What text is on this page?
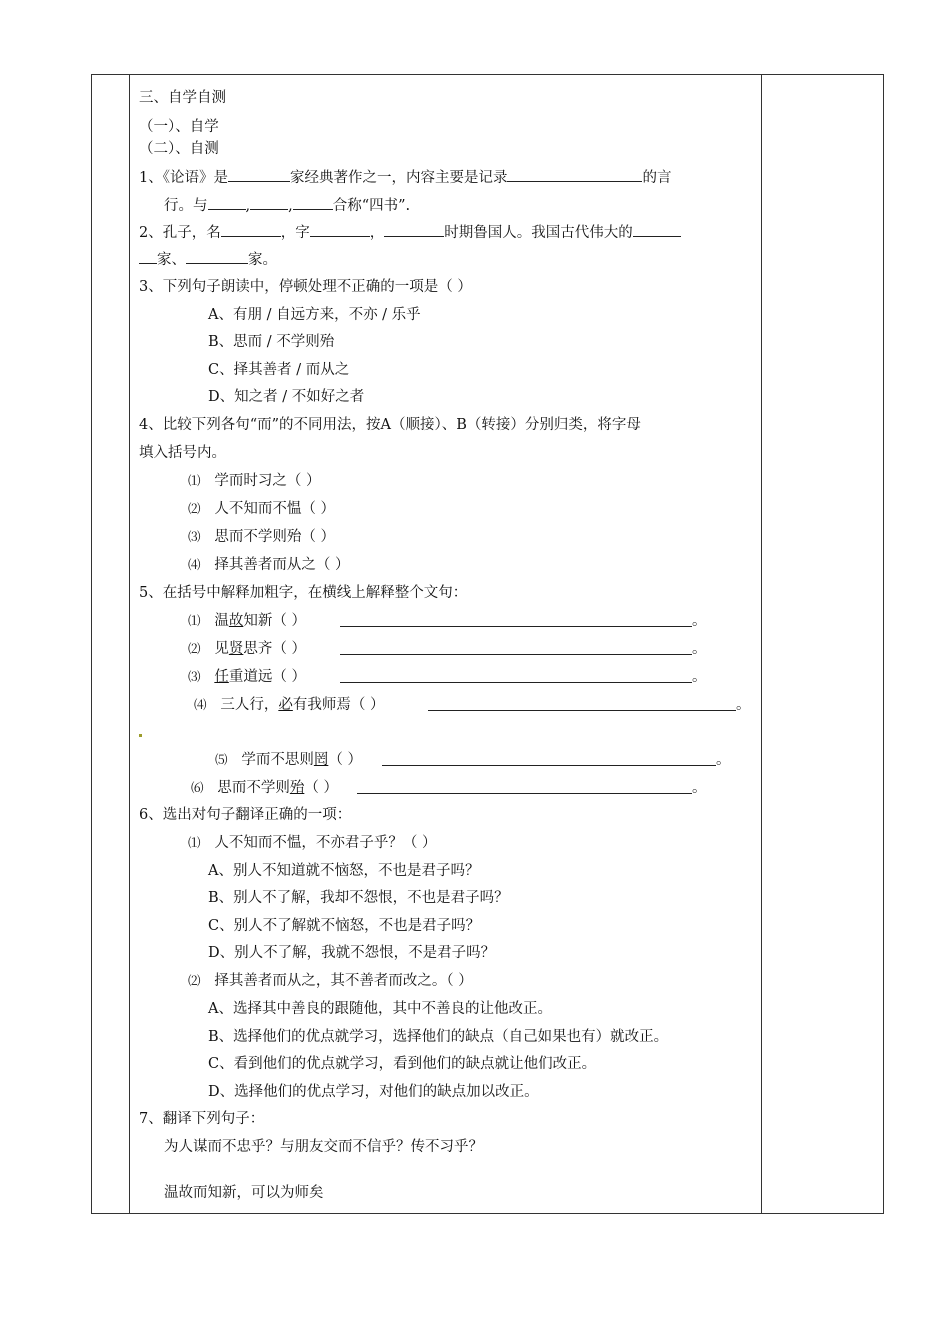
三、自学自测
（一）、自学
（二）、自测
1、《论语》是	家经典著作之一，内容主要是记录	的言
行。与	,	,	合称“四书”.
2、孔子，名	，字	，	时期鲁国人。我国古代伟大的
家、	家。
3、下列句子朗读中，停顿处理不正确的一项是（ ）
A、有朋 / 自远方来，不亦 / 乐乎
B、思而 / 不学则殆
C、择其善者 / 而从之
D、知之者 / 不如好之者
4、比较下列各句“而”的不同用法，按A（顺接）、B（转接）分别归类，将字母
填入括号内。
⑴ 学而时习之（ ）
⑵ 人不知而不愠（ ）
⑶ 思而不学则殆（ ）
⑷ 择其善者而从之（ ）
5、在括号中解释加粗字，在横线上解释整个文句：
⑴ 温故知新（ ）	。
⑵ 见贤思齐（ ）	。
⑶ 任重道远（ ）	。
⑷ 三人行，必有我师焉（ ）	。
⑸ 学而不思则罔（ ）	。
⑹ 思而不学则殆（ ）	。
6、选出对句子翻译正确的一项：
⑴ 人不知而不愠，不亦君子乎？（ ）
A、别人不知道就不恼怒，不也是君子吗？
B、别人不了解，我却不怨恨，不也是君子吗？
C、别人不了解就不恼怒，不也是君子吗？
D、别人不了解，我就不怨恨，不是君子吗？
⑵ 择其善者而从之，其不善者而改之。（ ）
A、选择其中善良的跟随他，其中不善良的让他改正。
B、选择他们的优点就学习，选择他们的缺点（自己如果也有）就改正。
C、看到他们的优点就学习，看到他们的缺点就让他们改正。
D、选择他们的优点学习，对他们的缺点加以改正。
7、翻译下列句子：
为人谋而不忠乎？与朋友交而不信乎？传不习乎？
温故而知新，可以为师矣
